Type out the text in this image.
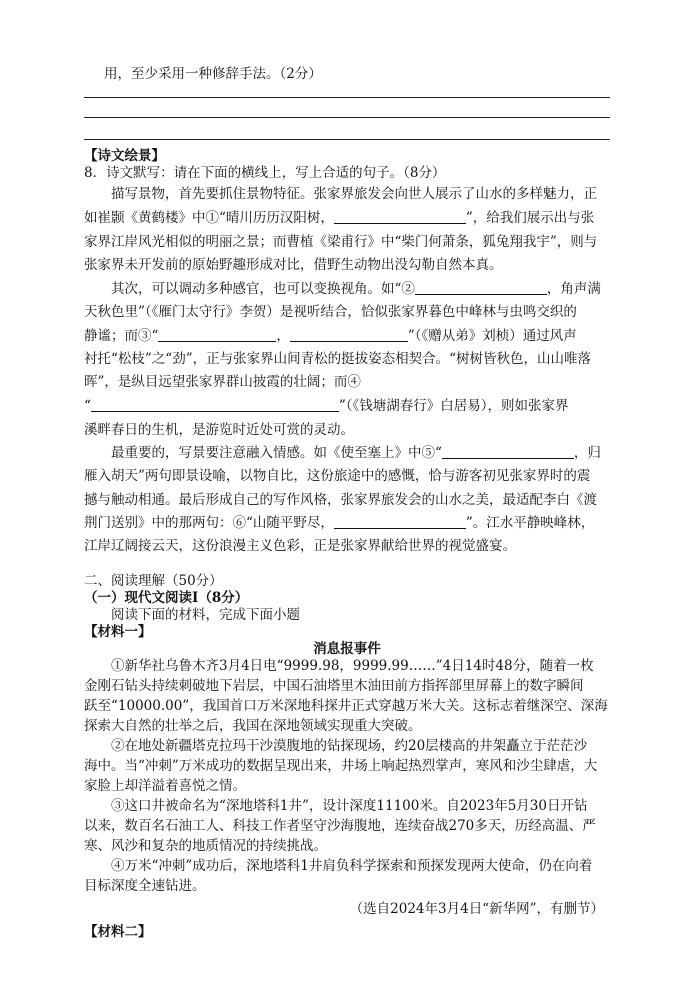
用，至少采用一种修辞手法。（2分）
【诗文绘景】
8．诗文默写：请在下面的横线上，写上合适的句子。（8分）
描写景物，首先要抓住景物特征。张家界旅发会向世人展示了山水的多样魅力，正
如崔颢《黄鹤楼》中①“晴川历历汉阳树，	”，给我们展示出与张
家界江岸风光相似的明丽之景；而曹植《梁甫行》中“柴门何萧条，狐兔翔我宇”，则与
张家界未开发前的原始野趣形成对比，借野生动物出没勾勒自然本真。
其次，可以调动多种感官，也可以变换视角。如“②	，角声满
天秋色里”（《雁门太守行》李贺）是视听结合，恰似张家界暮色中峰林与虫鸣交织的
静谧；而③“	，	”（《赠从弟》刘桢）通过风声
衬托“松枝”之“劲”，正与张家界山间青松的挺拔姿态相契合。“树树皆秋色，山山唯落
晖”，是纵目远望张家界群山披霞的壮阔；而④
“	”（《钱塘湖春行》白居易），则如张家界
溪畔春日的生机，是游览时近处可赏的灵动。
最重要的，写景要注意融入情感。如《使至塞上》中⑤“	，归
雁入胡天”两句即景设喻，以物自比，这份旅途中的感慨，恰与游客初见张家界时的震
撼与触动相通。最后形成自己的写作风格，张家界旅发会的山水之美，最适配李白《渡
荆门送别》中的那两句：⑥“山随平野尽，	”。江水平静映峰林，
江岸辽阔接云天，这份浪漫主义色彩，正是张家界献给世界的视觉盛宴。
二、阅读理解（50分）
（一）现代文阅读Ⅰ（8分）
阅读下面的材料，完成下面小题
【材料一】
消息报事件
①新华社乌鲁木齐3月4日电“9999.98，9999.99……”4日14时48分，随着一枚
金刚石钻头持续刺破地下岩层，中国石油塔里木油田前方指挥部里屏幕上的数字瞬间
跃至“10000.00”，我国首口万米深地科探井正式穿越万米大关。这标志着继深空、深海
探索大自然的壮举之后，我国在深地领域实现重大突破。
②在地处新疆塔克拉玛干沙漠腹地的钻探现场，约20层楼高的井架矗立于茫茫沙
海中。当“冲刺”万米成功的数据呈现出来，井场上响起热烈掌声，寒风和沙尘肆虐，大
家脸上却洋溢着喜悦之情。
③这口井被命名为“深地塔科1井”，设计深度11100米。自2023年5月30日开钻
以来，数百名石油工人、科技工作者坚守沙海腹地，连续奋战270多天，历经高温、严
寒、风沙和复杂的地质情况的持续挑战。
④万米“冲刺”成功后，深地塔科1井肩负科学探索和预探发现两大使命，仍在向着
目标深度全速钻进。
（选自2024年3月4日“新华网”，有删节）
【材料二】
